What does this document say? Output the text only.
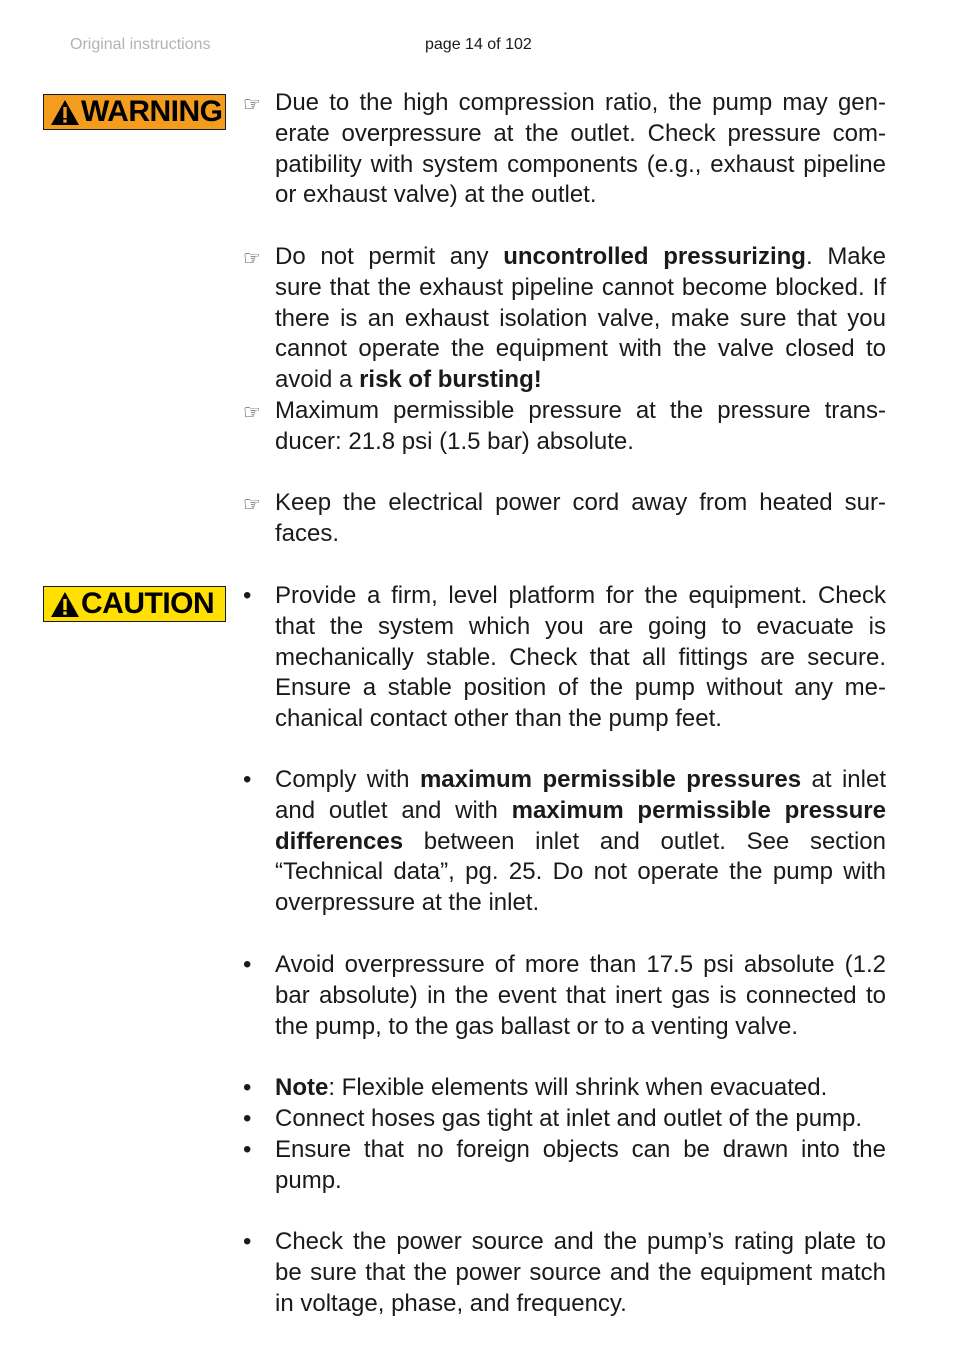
Original instructions	page 14 of 102
WARNING
CAUTION
☞ Due to the high compression ratio, the pump may generate overpressure at the outlet. Check pressure compatibility with system components (e.g., exhaust pipeline or exhaust valve) at the outlet.
☞ Do not permit any uncontrolled pressurizing. Make sure that the exhaust pipeline cannot become blocked. If there is an exhaust isolation valve, make sure that you cannot operate the equipment with the valve closed to avoid a risk of bursting!
☞ Maximum permissible pressure at the pressure transducer: 21.8 psi (1.5 bar) absolute.
☞ Keep the electrical power cord away from heated surfaces.
• Provide a firm, level platform for the equipment. Check that the system which you are going to evacuate is mechanically stable. Check that all fittings are secure. Ensure a stable position of the pump without any mechanical contact other than the pump feet.
• Comply with maximum permissible pressures at inlet and outlet and with maximum permissible pressure differences between inlet and outlet. See section “Technical data”, pg. 25. Do not operate the pump with overpressure at the inlet.
• Avoid overpressure of more than 17.5 psi absolute (1.2 bar absolute) in the event that inert gas is connected to the pump, to the gas ballast or to a venting valve.
• Note: Flexible elements will shrink when evacuated.
• Connect hoses gas tight at inlet and outlet of the pump.
• Ensure that no foreign objects can be drawn into the pump.
• Check the power source and the pump’s rating plate to be sure that the power source and the equipment match in voltage, phase, and frequency.
